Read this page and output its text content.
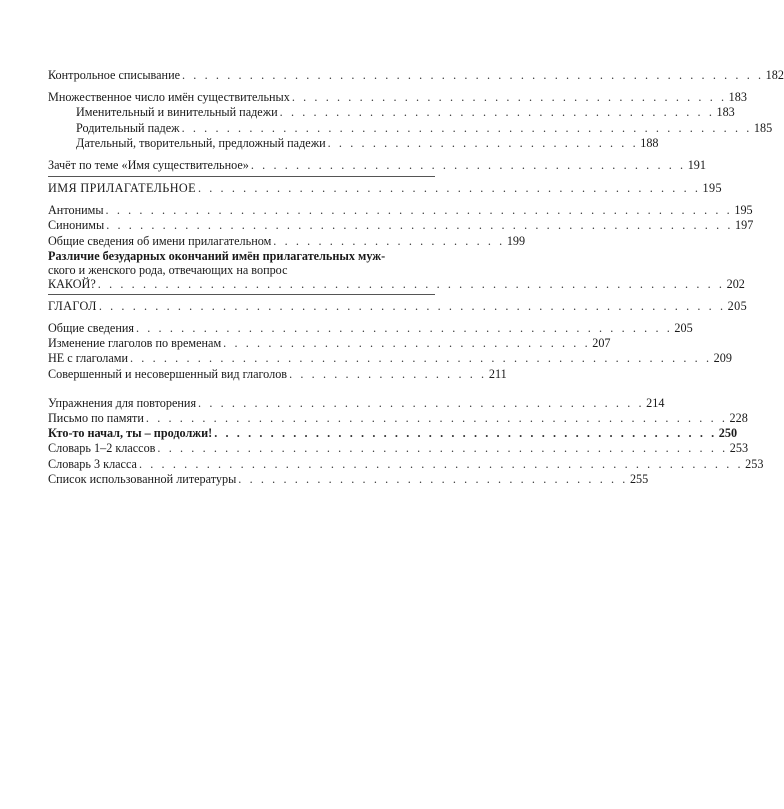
Контрольное списывание . . . . . . . . . . . . . . . . . . . . . . . . . . . . . . . . . . . . . . . . . . . . . . . . . . . . 182
Множественное число имён существительных . . . . . . . . . . . . . . . . . . . . . . . . . . . . . . . . . . . . . . . 183
Именительный и винительный падежи . . . . . . . . . . . . . . . . . . . . . . . . . . . . . . . . . . . . . . . 183
Родительный падеж . . . . . . . . . . . . . . . . . . . . . . . . . . . . . . . . . . . . . . . . . . . . . . . . . . . 185
Дательный, творительный, предложный падежи . . . . . . . . . . . . . . . . . . . . . . . . . . . . 188
Зачёт по теме «Имя существительное» . . . . . . . . . . . . . . . . . . . . . . . . . . . . . . . . . . . . . . . 191
ИМЯ ПРИЛАГАТЕЛЬНОЕ . . . . . . . . . . . . . . . . . . . . . . . . . . . . . . . . . . . . . . . . . . . . . 195
Антонимы . . . . . . . . . . . . . . . . . . . . . . . . . . . . . . . . . . . . . . . . . . . . . . . . . . . . . . . . 195
Синонимы . . . . . . . . . . . . . . . . . . . . . . . . . . . . . . . . . . . . . . . . . . . . . . . . . . . . . . . . 197
Общие сведения об имени прилагательном . . . . . . . . . . . . . . . . . . . . . 199
Различие безударных окончаний имён прилагательных муж-
ского и женского рода, отвечающих на вопрос
КАКОЙ? . . . . . . . . . . . . . . . . . . . . . . . . . . . . . . . . . . . . . . . . . . . . . . . . . . . . . . . . 202
ГЛАГОЛ . . . . . . . . . . . . . . . . . . . . . . . . . . . . . . . . . . . . . . . . . . . . . . . . . . . . . . . . 205
Общие сведения . . . . . . . . . . . . . . . . . . . . . . . . . . . . . . . . . . . . . . . . . . . . . . . . 205
Изменение глаголов по временам . . . . . . . . . . . . . . . . . . . . . . . . . . . . . . . . . 207
НЕ с глаголами . . . . . . . . . . . . . . . . . . . . . . . . . . . . . . . . . . . . . . . . . . . . . . . . . . . . 209
Совершенный и несовершенный вид глаголов . . . . . . . . . . . . . . . . . . 211
Упражнения для повторения . . . . . . . . . . . . . . . . . . . . . . . . . . . . . . . . . . . . . . . . 214
Письмо по памяти . . . . . . . . . . . . . . . . . . . . . . . . . . . . . . . . . . . . . . . . . . . . . . . . . . . . 228
Кто-то начал, ты – продолжи! . . . . . . . . . . . . . . . . . . . . . . . . . . . . . . . . . . . . . . . . . . . . . 250
Словарь 1–2 классов . . . . . . . . . . . . . . . . . . . . . . . . . . . . . . . . . . . . . . . . . . . . . . . . . . . 253
Словарь 3 класса . . . . . . . . . . . . . . . . . . . . . . . . . . . . . . . . . . . . . . . . . . . . . . . . . . . . . . 253
Список использованной литературы . . . . . . . . . . . . . . . . . . . . . . . . . . . . . . . . . . . 255
